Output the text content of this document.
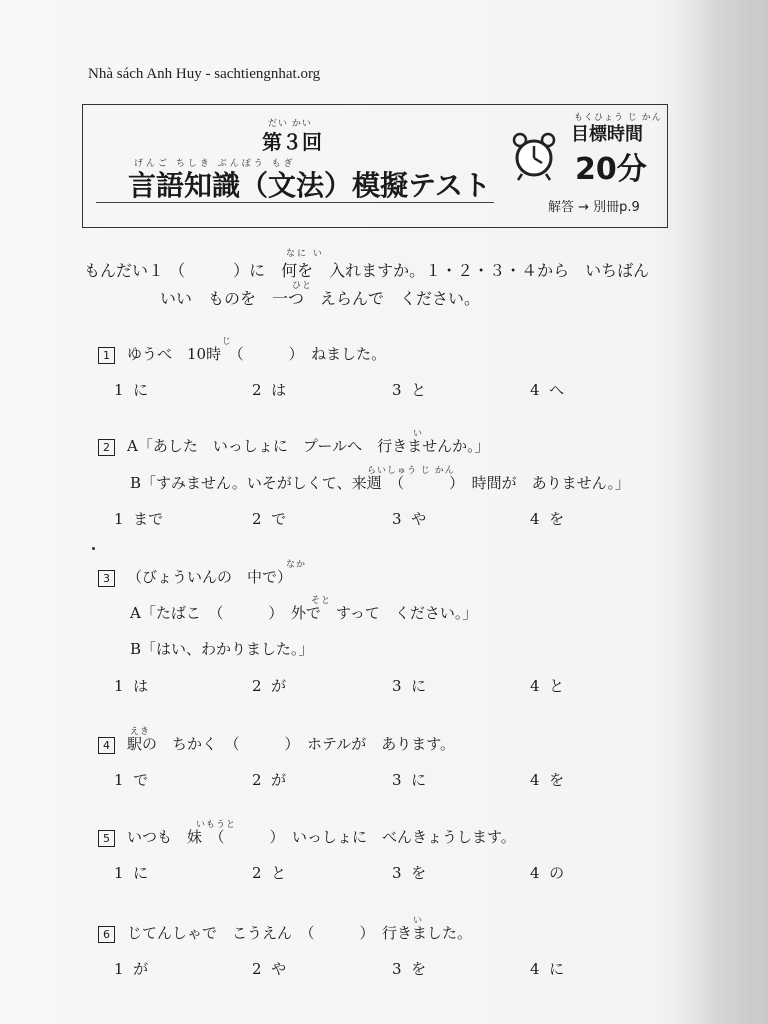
Nhà sách Anh Huy - sachtiengnhat.org
だい かい
第３回
げんご ちしき ぶんぽう もぎ
言語知識（文法）模擬テスト
もくひょう じ かん
目標時間
20分
解答 → 別冊p.9
なに い
もんだい１ （　　　）に　何を　入れますか。１・２・３・４から　いちばん
ひと
いい　ものを　一つ　えらんで　ください。
じ
1 ゆうべ　10時　（　　　）　ねました。
1  に	2  は	3  と	4  へ
い
2 A「あした　いっしょに　プールへ　行きませんか。」
らいしゅう じ かん
B「すみません。いそがしくて、来週　（　　　）　時間が　ありません。」
1  まで	2  で	3  や	4  を
なか
3 （びょういんの　中で）
そと
A「たばこ　（　　　）　外で　すって　ください。」
B「はい、わかりました。」
1  は	2  が	3  に	4  と
えき
4 駅の　ちかく　（　　　）　ホテルが　あります。
1  で	2  が	3  に	4  を
いもうと
5 いつも　妹　（　　　）　いっしょに　べんきょうします。
1  に	2  と	3  を	4  の
い
6 じてんしゃで　こうえん　（　　　）　行きました。
1  が	2  や	3  を	4  に
